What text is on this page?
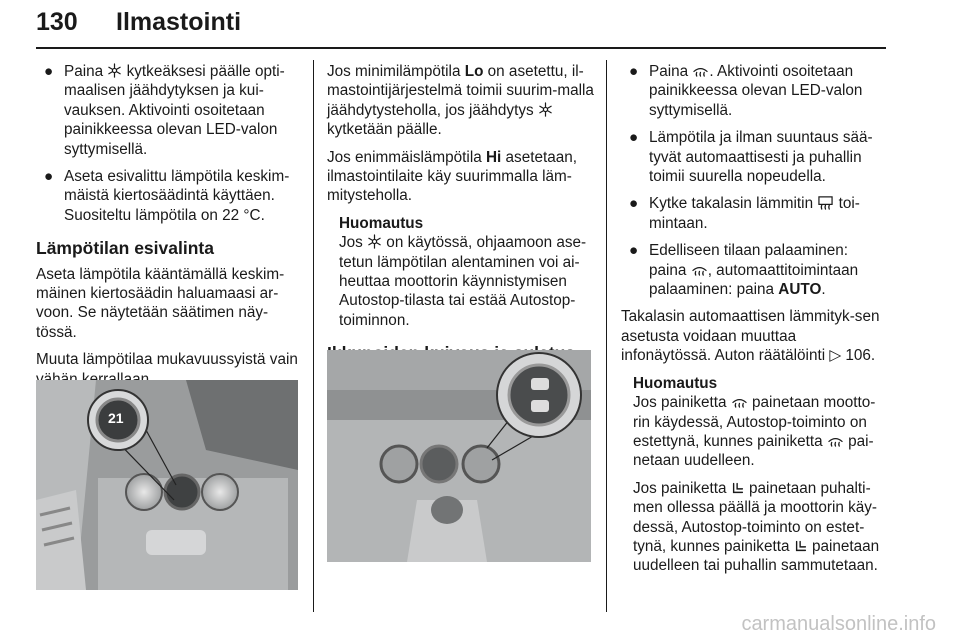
130 Ilmastointi
● Paina  kytkeäksesi päälle opti-maalisen jäähdytyksen ja kui-vauksen. Aktivointi osoitetaan painikkeessa olevan LED-valon syttymisellä.
● Aseta esivalittu lämpötila keskim-mäistä kiertosäädintä käyttäen. Suositeltu lämpötila on 22 °C.
Lämpötilan esivalinta

Aseta lämpötila kääntämällä keskim-mäinen kiertosäädin haluamaasi ar-voon. Se näytetään säätimen näy-tössä.

Muuta lämpötilaa mukavuussyistä vain

21

Jos minimilämpötila Lo on asetettu, il-mastointijärjestelmä toimii suurim-malla jäähdytysteholla, jos jäähdytys  kytketään päälle.

Jos enimmäislämpötila Hi asetetaan, ilmastointilaite käy suurimmalla läm-mitysteholla.

Huomautus
Jos  on käytössä, ohjaamoon ase-tetun lämpötilan alentaminen voi ai-heuttaa moottorin käynnistymisen Autostop-tilasta tai estää Autostop-toiminnon.
● Paina . Aktivointi osoitetaan painikkeessa olevan LED-valon syttymisellä.
● Lämpötila ja ilman suuntaus sää-tyvät automaattisesti ja puhallin toimii suurella nopeudella.
● Kytke takalasin lämmitin  toi-mintaan.
● Edelliseen tilaan palaaminen: paina , automaattitoimintaan palaaminen: paina AUTO.

Takalasin automaattisen lämmityk-sen asetusta voidaan muuttaa infonäytössä. Auton räätälöinti ▷ 106.

Huomautus

Jos painiketta  painetaan mootto-rin käydessä, Autostop-toiminto on estettynä, kunnes painiketta  pai-netaan uudelleen.

Jos painiketta  painetaan puhalti-men ollessa päällä ja moottorin käy-dessä, Autostop-toiminto on estet-tynä, kunnes painiketta  painetaan uudelleen tai puhallin sammutetaan.

carmanualsonline.info
